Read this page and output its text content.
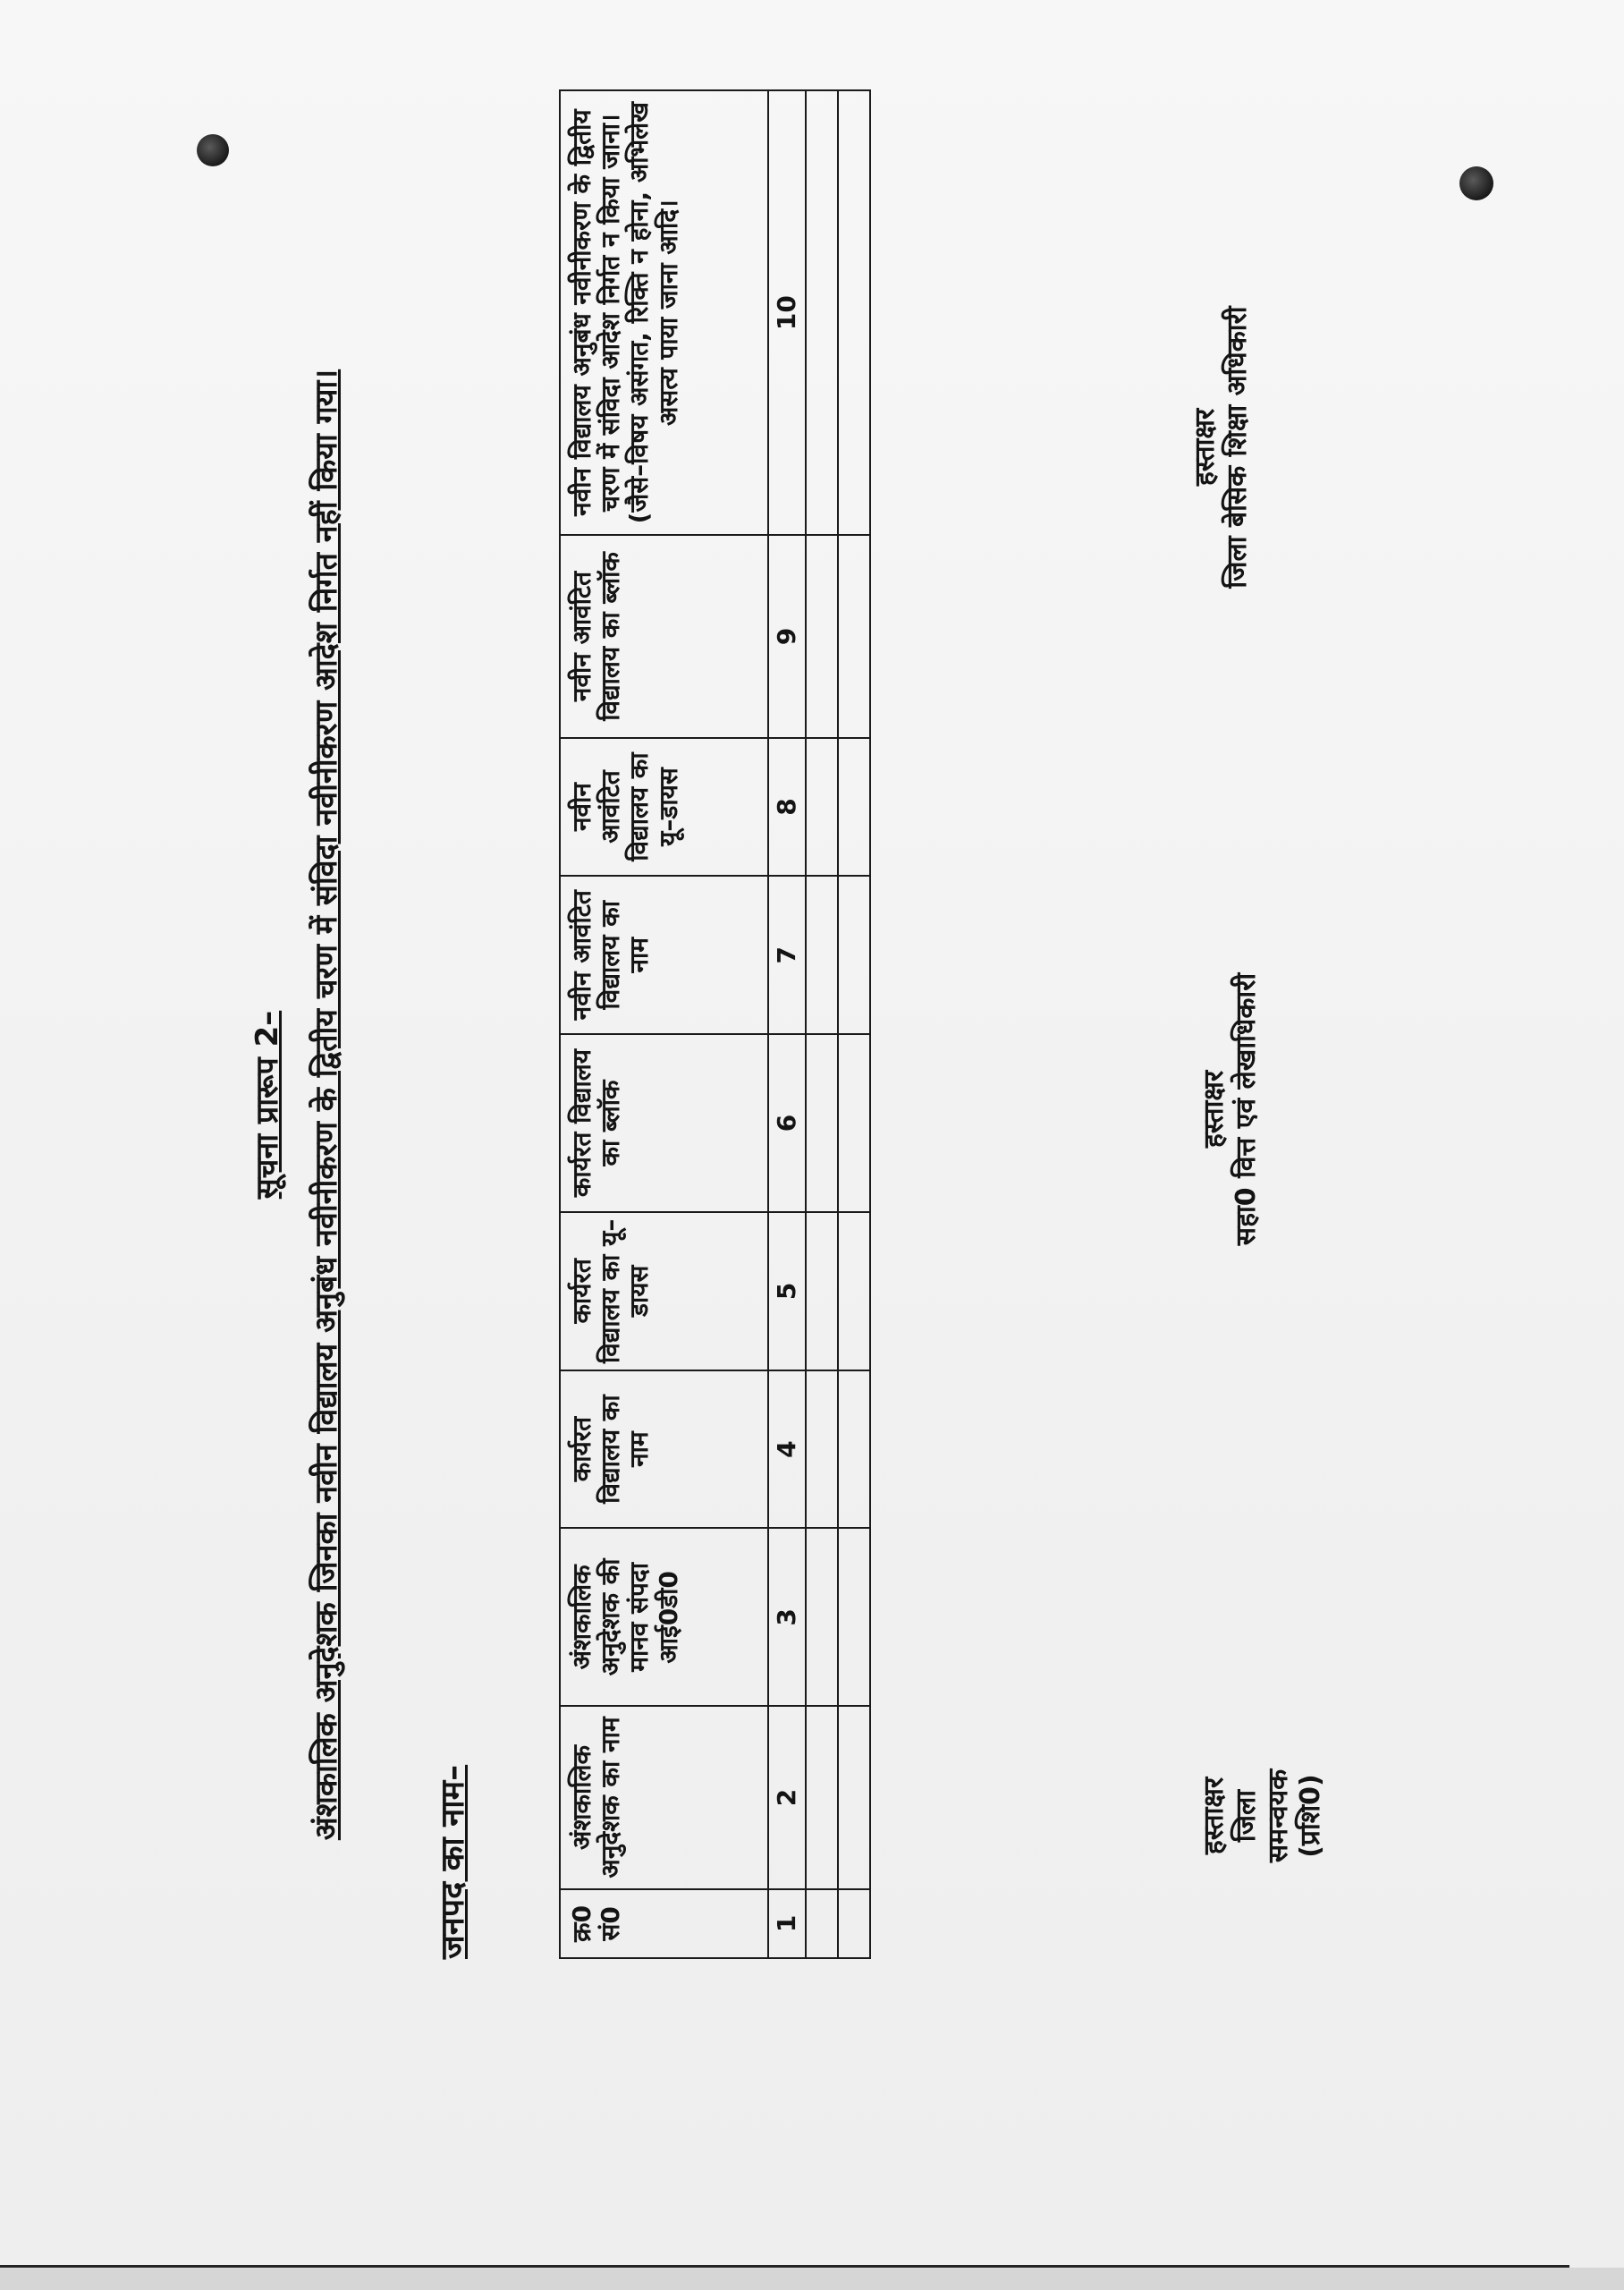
सूचना प्रारूप 2– अंशकालिक अनुदेशक जिनका नवीन विद्यालय अनुबंध नवीनीकरण के द्वितीय चरण में संविदा नवीनीकरण आदेश निर्गत नहीं किया गया।
जनपद का नाम–	क्र0 सं0	अंशकालिक अनुदेशक का नाम	अंशकालिक अनुदेशक की मानव संपदा आई0डी0	कार्यरत विद्यालय का नाम	कार्यरत विद्यालय का यू–डायस	कार्यरत विद्यालय का ब्लॉक	नवीन आवंटित विद्यालय का नाम	नवीन आवंटित विद्यालय का यू–डायस	नवीन आवंटित विद्यालय का ब्लॉक	नवीन विद्यालय अनुबंध नवीनीकरण के द्वितीय चरण में संविदा आदेश निर्गत न किया जाना। (जैसे–विषय असंगत, रिक्ति न होना, अभिलेख असत्य पाया जाना आदि।
1	2	3	4	5	6	7	8	9	10

हस्ताक्षर जिला समन्वयक (प्रशि0)
हस्ताक्षर सहा0 वित्त एवं लेखाधिकारी
हस्ताक्षर जिला बेसिक शिक्षा अधिकारी
